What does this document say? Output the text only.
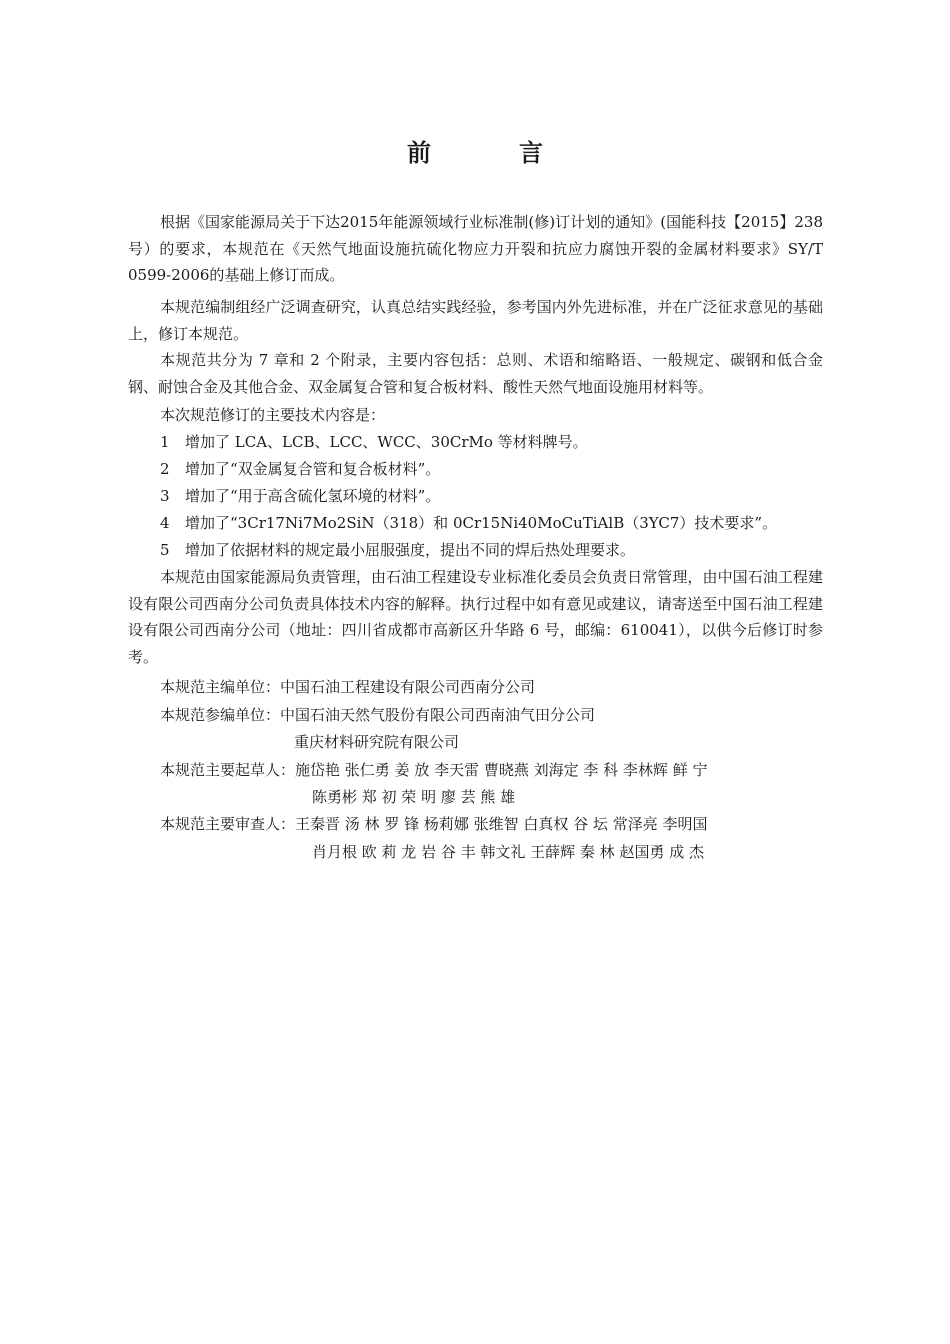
前　言

根据《国家能源局关于下达2015年能源领域行业标准制(修)订计划的通知》(国能科技【2015】238号）的要求，本规范在《天然气地面设施抗硫化物应力开裂和抗应力腐蚀开裂的金属材料要求》SY/T 0599-2006的基础上修订而成。

本规范编制组经广泛调查研究，认真总结实践经验，参考国内外先进标准，并在广泛征求意见的基础上，修订本规范。

本规范共分为 7 章和 2 个附录，主要内容包括：总则、术语和缩略语、一般规定、碳钢和低合金钢、耐蚀合金及其他合金、双金属复合管和复合板材料、酸性天然气地面设施用材料等。

本次规范修订的主要技术内容是：

1 增加了 LCA、LCB、LCC、WCC、30CrMo 等材料牌号。
2 增加了“双金属复合管和复合板材料”。
3 增加了“用于高含硫化氢环境的材料”。
4 增加了“3Cr17Ni7Mo2SiN（318）和 0Cr15Ni40MoCuTiAlB（3YC7）技术要求”。
5 增加了依据材料的规定最小屈服强度，提出不同的焊后热处理要求。

本规范由国家能源局负责管理，由石油工程建设专业标准化委员会负责日常管理，由中国石油工程建设有限公司西南分公司负责具体技术内容的解释。执行过程中如有意见或建议，请寄送至中国石油工程建设有限公司西南分公司（地址：四川省成都市高新区升华路 6 号，邮编：610041），以供今后修订时参考。

本规范主编单位：中国石油工程建设有限公司西南分公司
本规范参编单位：中国石油天然气股份有限公司西南油气田分公司
重庆材料研究院有限公司
本规范主要起草人：施岱艳 张仁勇 姜 放 李天雷 曹晓燕 刘海定 李 科 李林辉 鲜 宁
陈勇彬 郑 初 荣 明 廖 芸 熊 雄
本规范主要审查人：王秦晋 汤 林 罗 锋 杨莉娜 张维智 白真权 谷 坛 常泽亮 李明国
肖月根 欧 莉 龙 岩 谷 丰 韩文礼 王薛辉 秦 林 赵国勇 成 杰
